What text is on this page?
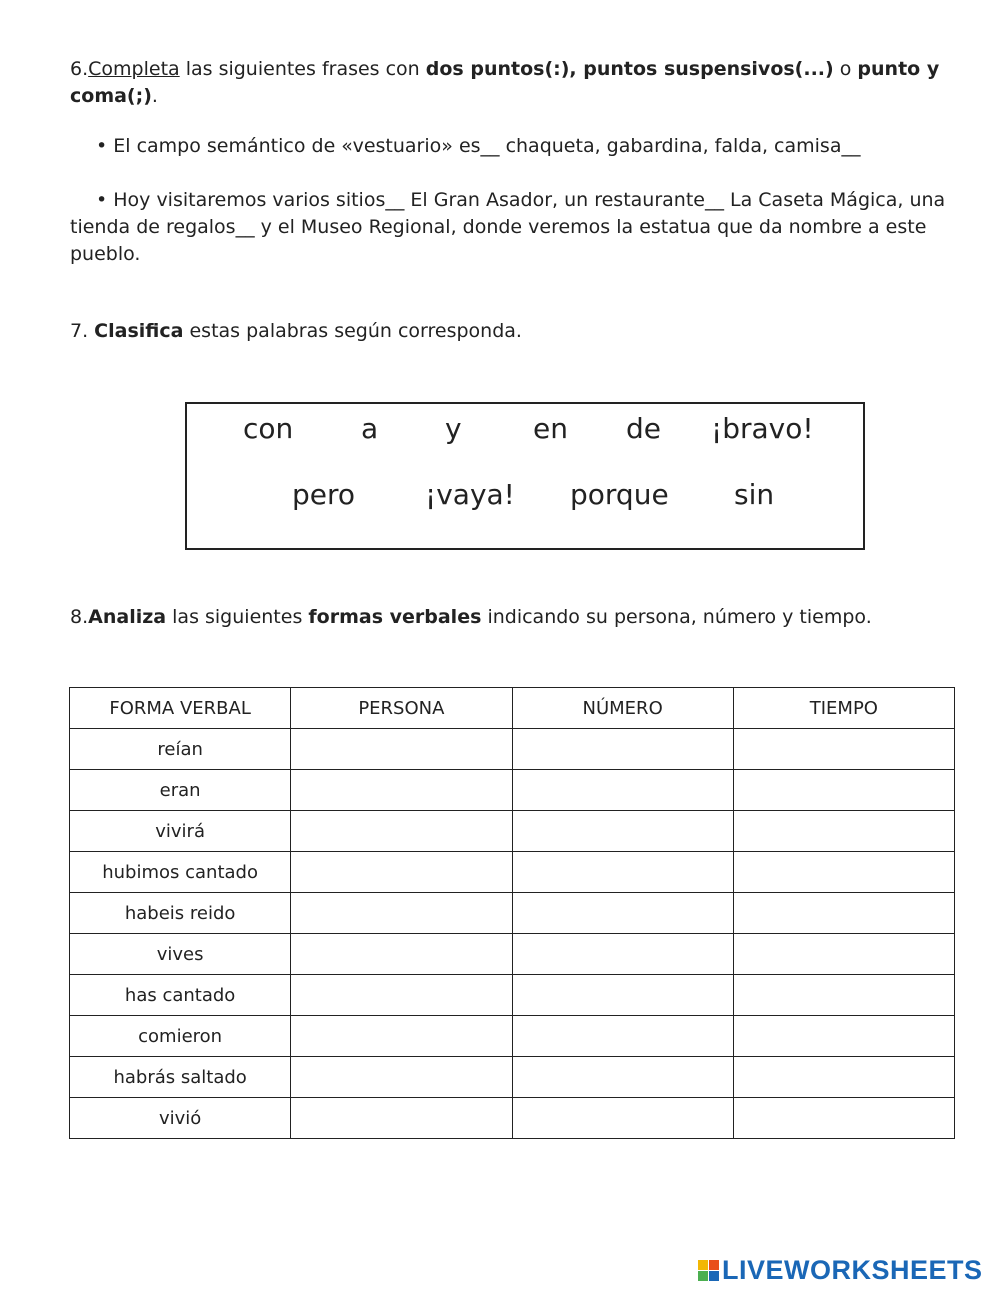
6.Completa las siguientes frases con dos puntos(:), puntos suspensivos(...) o punto y coma(;).
• El campo semántico de «vestuario» es__ chaqueta, gabardina, falda, camisa__
• Hoy visitaremos varios sitios__ El Gran Asador, un restaurante__ La Caseta Mágica, una tienda de regalos__ y el Museo Regional, donde veremos la estatua que da nombre a este pueblo.
7. Clasifica estas palabras según corresponda.
con a y	en de ¡bravo!
pero ¡vaya! porque sin
8.Analiza las siguientes formas verbales indicando su persona, número y tiempo.
FORMA VERBAL	PERSONA	NÚMERO	TIEMPO
reían			
eran			
vivirá			
hubimos cantado			
habeis reido			
vives			
has cantado			
comieron			
habrás saltado			
vivió			
LIVEWORKSHEETS
